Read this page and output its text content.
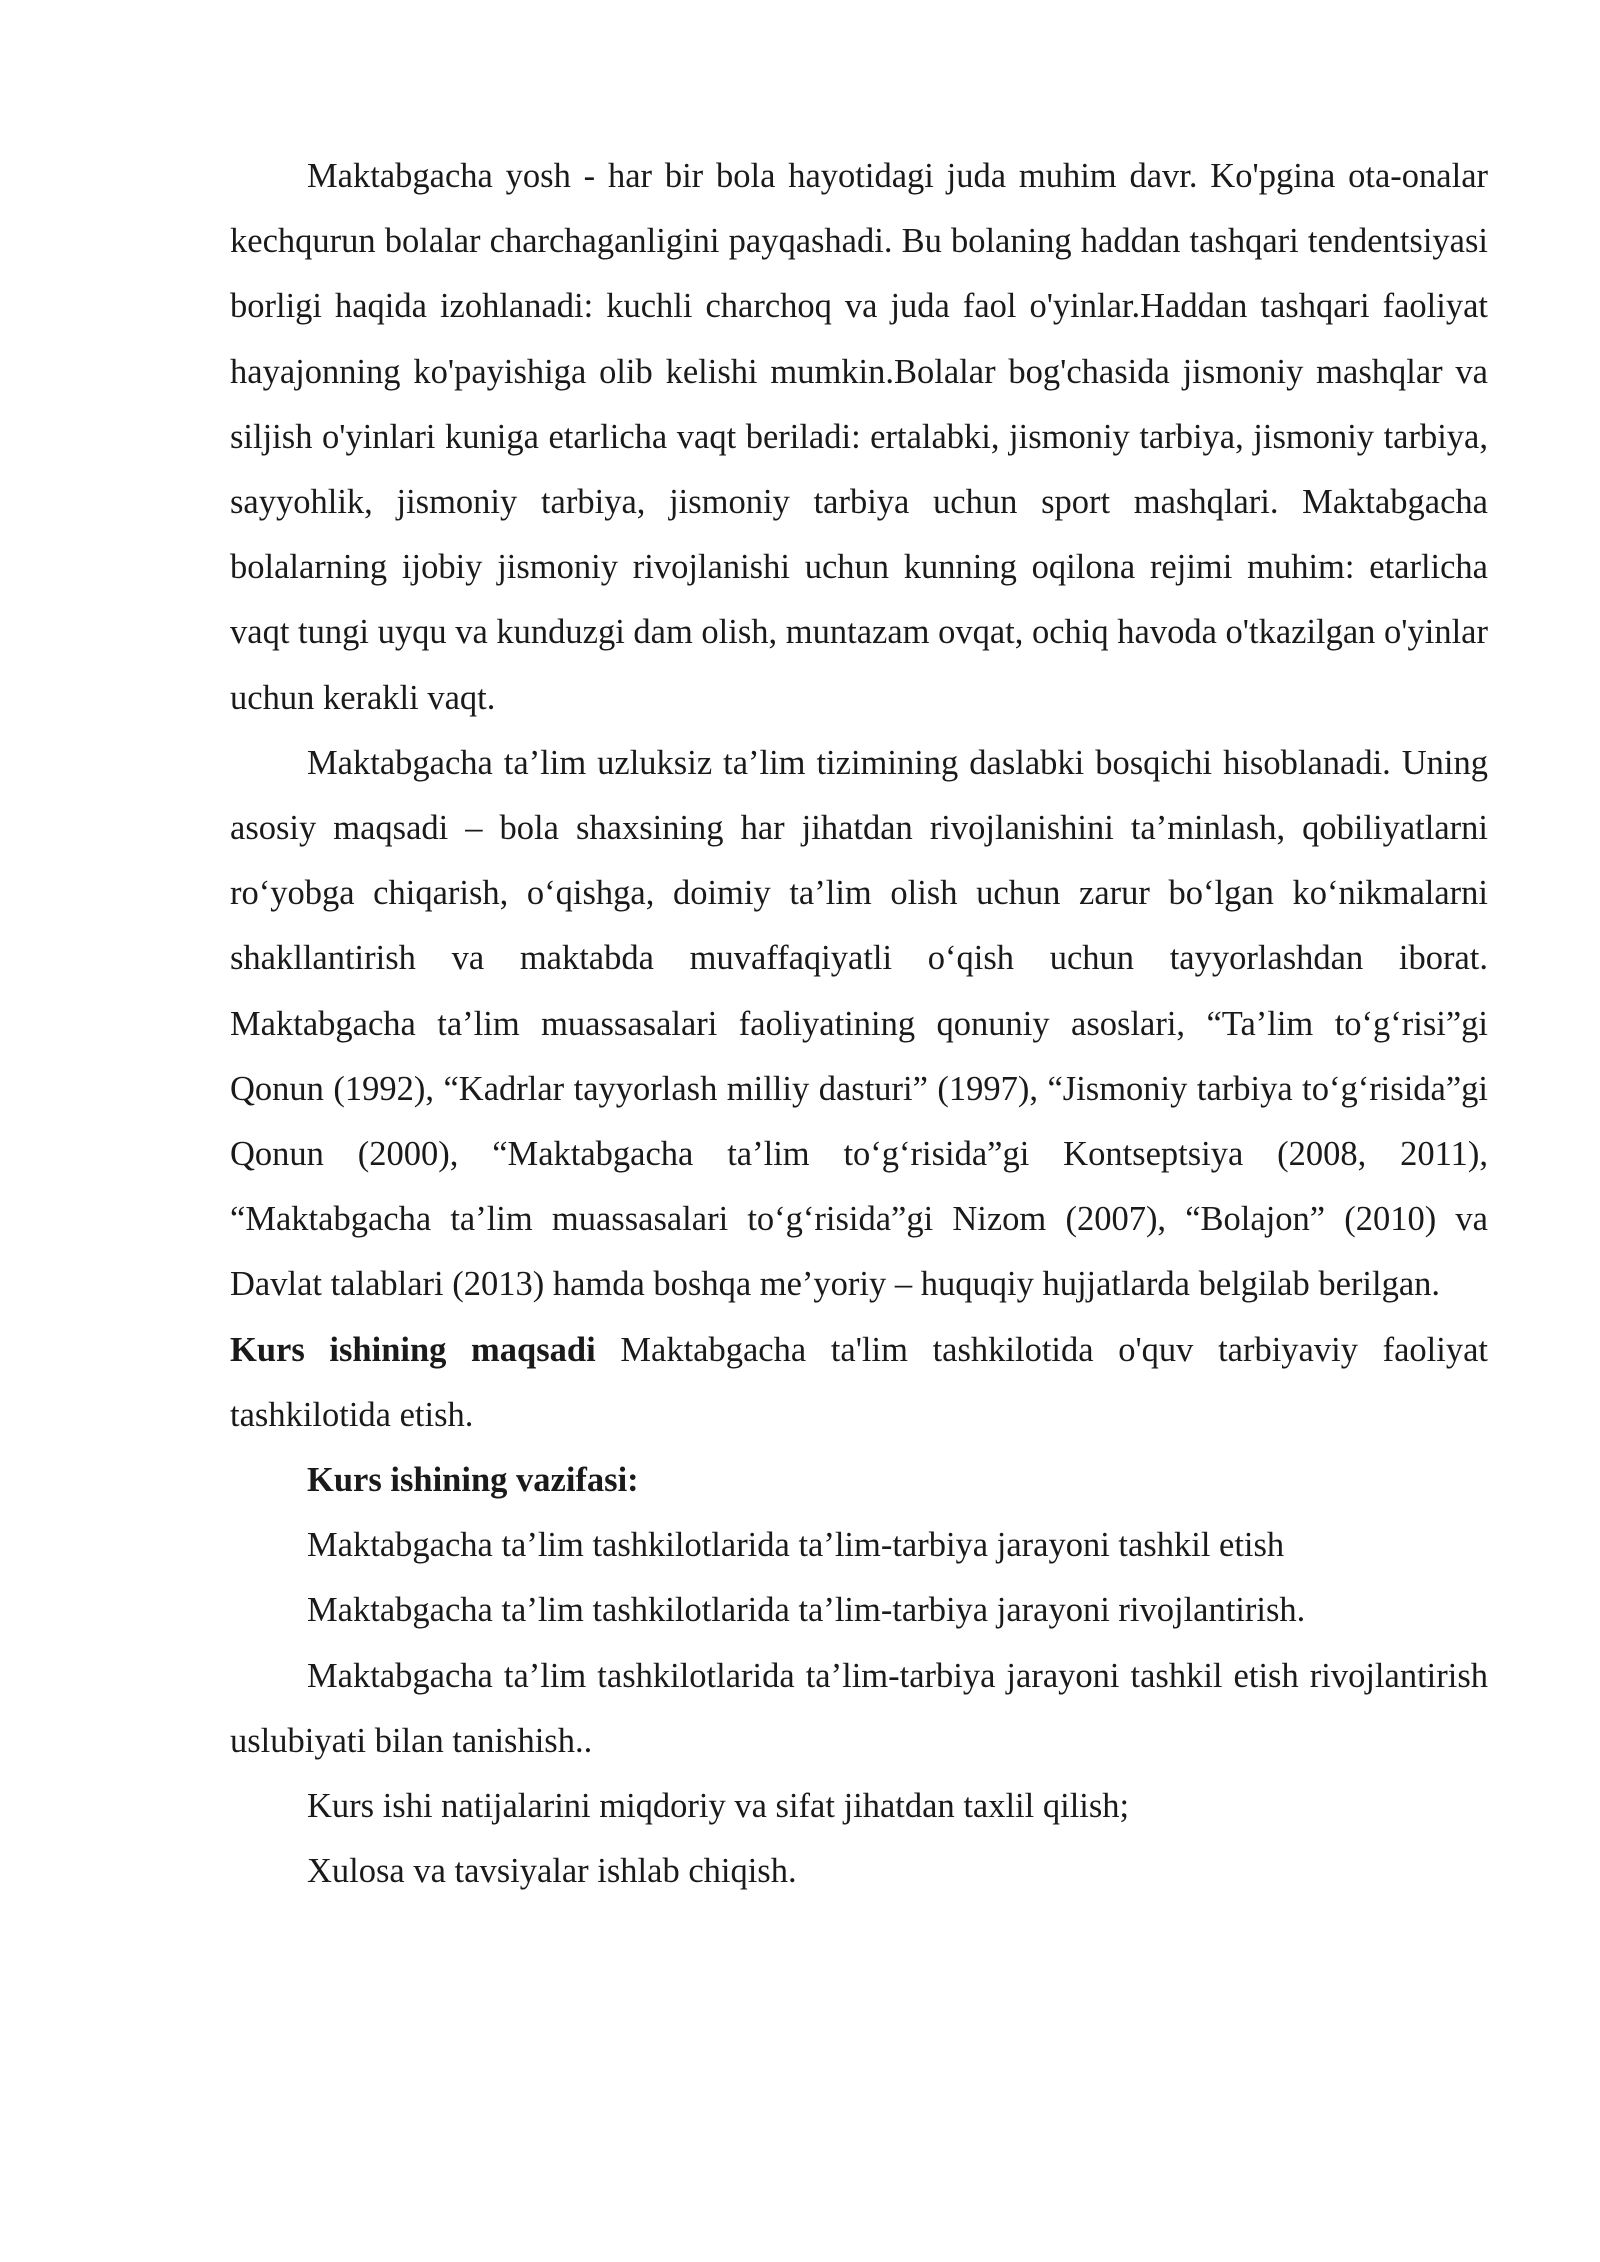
Maktabgacha yosh - har bir bola hayotidagi juda muhim davr. Ko'pgina ota-onalar kechqurun bolalar charchaganligini payqashadi. Bu bolaning haddan tashqari tendentsiyasi borligi haqida izohlanadi: kuchli charchoq va juda faol o'yinlar.Haddan tashqari faoliyat hayajonning ko'payishiga olib kelishi mumkin.Bolalar bog'chasida jismoniy mashqlar va siljish o'yinlari kuniga etarlicha vaqt beriladi: ertalabki, jismoniy tarbiya, jismoniy tarbiya, sayyohlik, jismoniy tarbiya, jismoniy tarbiya uchun sport mashqlari. Maktabgacha bolalarning ijobiy jismoniy rivojlanishi uchun kunning oqilona rejimi muhim: etarlicha vaqt tungi uyqu va kunduzgi dam olish, muntazam ovqat, ochiq havoda o'tkazilgan o'yinlar uchun kerakli vaqt.

Maktabgacha ta’lim uzluksiz ta’lim tizimining daslabki bosqichi hisoblanadi. Uning asosiy maqsadi – bola shaxsining har jihatdan rivojlanishini ta’minlash, qobiliyatlarni ro‘yobga chiqarish, o‘qishga, doimiy ta’lim olish uchun zarur bo‘lgan ko‘nikmalarni shakllantirish va maktabda muvaffaqiyatli o‘qish uchun tayyorlashdan iborat. Maktabgacha ta’lim muassasalari faoliyatining qonuniy asoslari, “Ta’lim to‘g‘risi”gi Qonun (1992), “Kadrlar tayyorlash milliy dasturi” (1997), “Jismoniy tarbiya to‘g‘risida”gi Qonun (2000), “Maktabgacha ta’lim to‘g‘risida”gi Kontseptsiya (2008, 2011), “Maktabgacha ta’lim muassasalari to‘g‘risida”gi Nizom (2007), “Bolajon” (2010) va Davlat talablari (2013) hamda boshqa me’yoriy – huquqiy hujjatlarda belgilab berilgan.

Kurs ishining maqsadi Maktabgacha ta'lim tashkilotida o'quv tarbiyaviy faoliyat tashkilotida etish.

Kurs ishining vazifasi:

Maktabgacha ta’lim tashkilotlarida ta’lim-tarbiya jarayoni tashkil etish

Maktabgacha ta’lim tashkilotlarida ta’lim-tarbiya jarayoni rivojlantirish.

Maktabgacha ta’lim tashkilotlarida ta’lim-tarbiya jarayoni tashkil etish rivojlantirish uslubiyati bilan tanishish..

Kurs ishi natijalarini miqdoriy va sifat jihatdan taxlil qilish;

Xulosa va tavsiyalar ishlab chiqish.
